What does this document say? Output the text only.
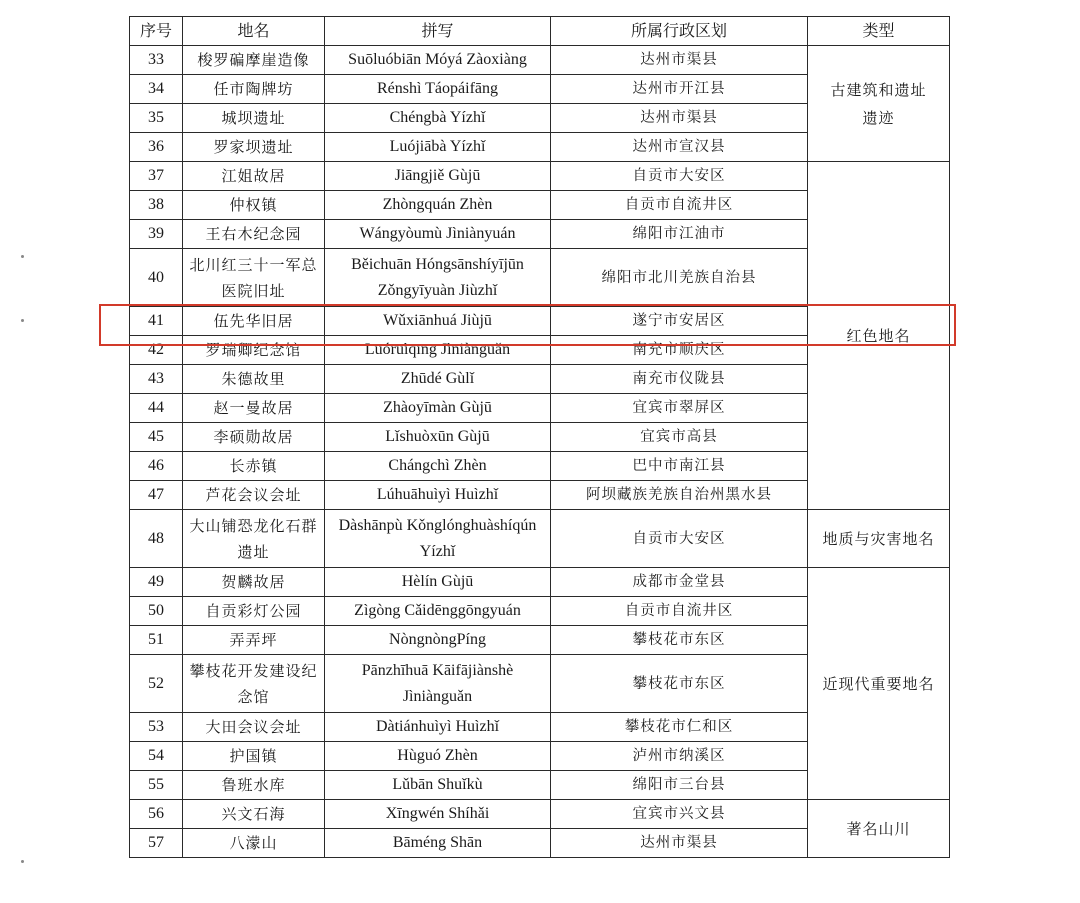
序号	地名	拼写	所属行政区划	类型
33	梭罗碥摩崖造像	Suōluóbiān Móyá Zàoxiàng	达州市渠县	古建筑和遗址遗迹
34	任市陶牌坊	Rénshì Táopáifāng	达州市开江县	
35	城坝遗址	Chéngbà Yízhǐ	达州市渠县	
36	罗家坝遗址	Luójiābà Yízhǐ	达州市宣汉县	
37	江姐故居	Jiāngjiě Gùjū	自贡市大安区	红色地名
38	仲权镇	Zhòngquán Zhèn	自贡市自流井区	
39	王右木纪念园	Wángyòumù Jìniànyuán	绵阳市江油市	
40	北川红三十一军总医院旧址	Běichuān Hóngsānshíyījūn Zǒngyīyuàn Jiùzhǐ	绵阳市北川羌族自治县	
41	伍先华旧居	Wǔxiānhuá Jiùjū	遂宁市安居区	
42	罗瑞卿纪念馆	Luóruìqīng Jìniànguǎn	南充市顺庆区	
43	朱德故里	Zhūdé Gùlǐ	南充市仪陇县	
44	赵一曼故居	Zhàoyīmàn Gùjū	宜宾市翠屏区	
45	李硕勋故居	Lǐshuòxūn Gùjū	宜宾市高县	
46	长赤镇	Chángchì Zhèn	巴中市南江县	
47	芦花会议会址	Lúhuāhuìyì Huìzhǐ	阿坝藏族羌族自治州黑水县	
48	大山铺恐龙化石群遗址	Dàshānpù Kǒnglónghuàshíqún Yízhǐ	自贡市大安区	地质与灾害地名
49	贺麟故居	Hèlín Gùjū	成都市金堂县	近现代重要地名
50	自贡彩灯公园	Zìgòng Cǎidēnggōngyuán	自贡市自流井区	
51	弄弄坪	NòngnòngPíng	攀枝花市东区	
52	攀枝花开发建设纪念馆	Pānzhīhuā Kāifājiànshè Jìniànguǎn	攀枝花市东区	
53	大田会议会址	Dàtiánhuìyì Huìzhǐ	攀枝花市仁和区	
54	护国镇	Hùguó Zhèn	泸州市纳溪区	
55	鲁班水库	Lǔbān Shuǐkù	绵阳市三台县	
56	兴文石海	Xīngwén Shíhǎi	宜宾市兴文县	著名山川
57	八濛山	Bāméng Shān	达州市渠县	
